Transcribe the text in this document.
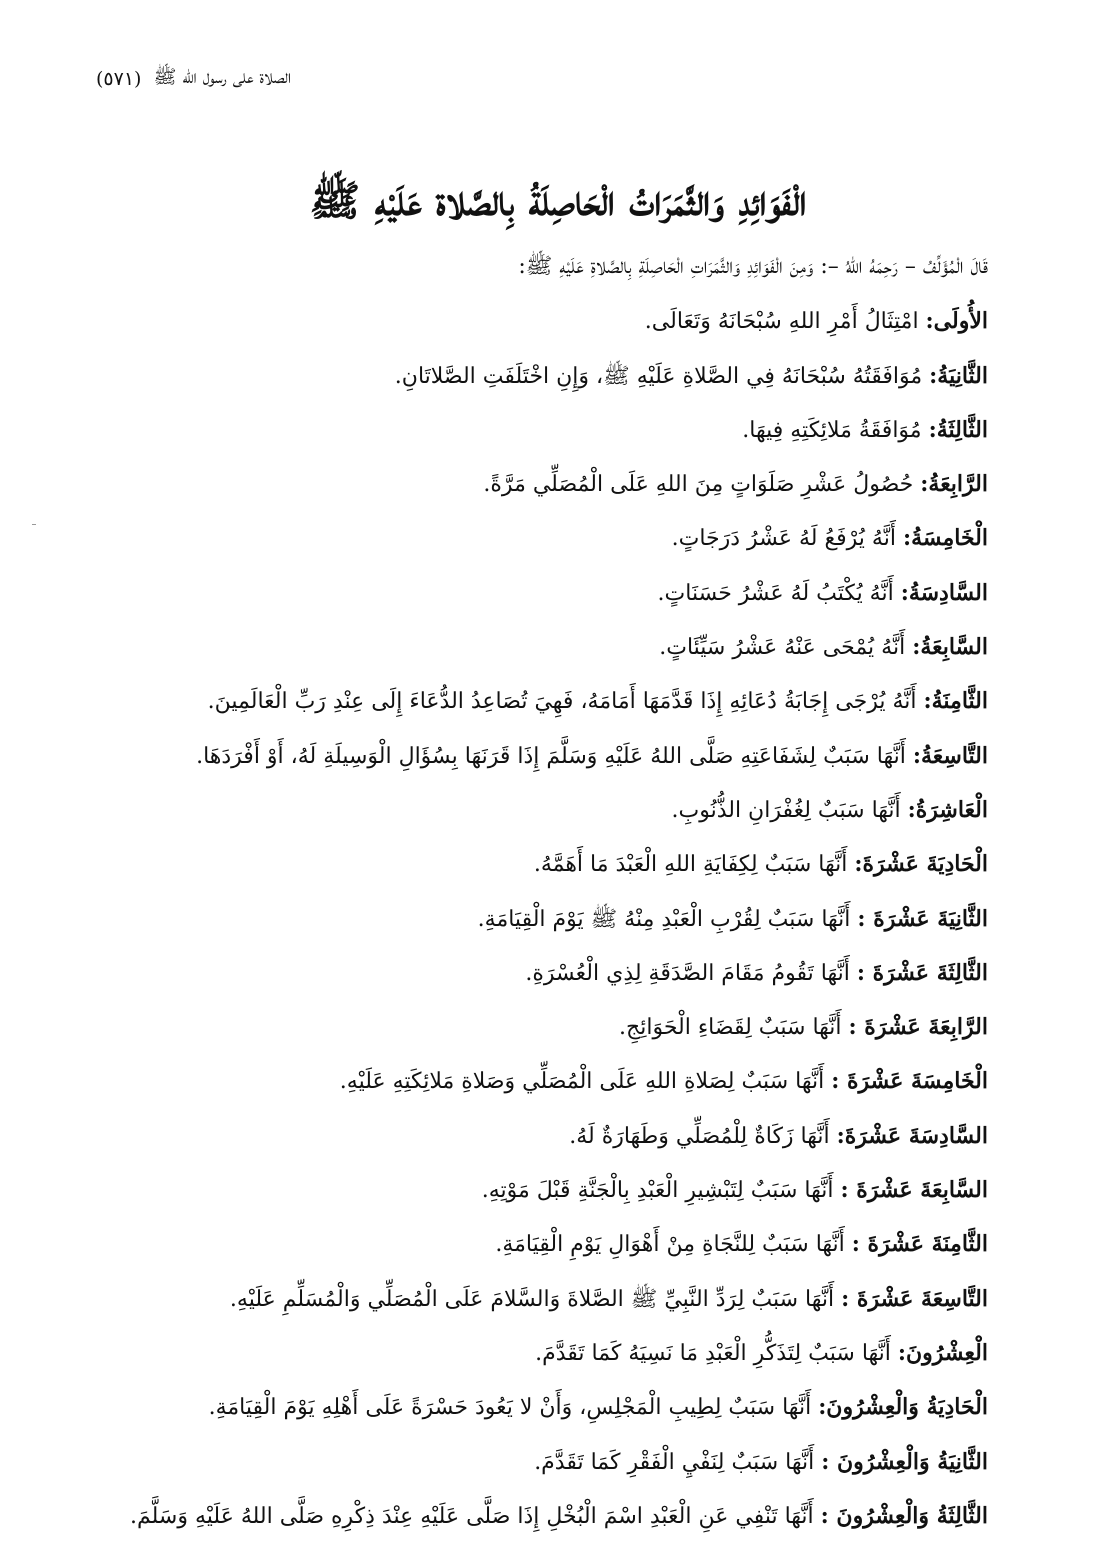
الصلاة على رسول الله ﷺ
(٥٧١)
الْفَوَائِدِ وَالثَّمَرَاتُ الْحَاصِلَةُ بِالصَّلاة عَلَيْهِ ﷺ

قَالَ الْمُؤَلِّفُ – رَحِمَهُ اللهُ –: وَمِنَ الْفَوَائِدِ وَالثَّمَرَاتِ الْحَاصِلَةِ بِالصَّلاةِ عَلَيْهِ ﷺ:

الأُولَى: امْتِثَالُ أَمْرِ اللهِ سُبْحَانَهُ وَتَعَالَى.

الثَّانِيَةُ: مُوَافَقَتُهُ سُبْحَانَهُ فِي الصَّلاةِ عَلَيْهِ ﷺ، وَإِنِ اخْتَلَفَتِ الصَّلاتَانِ.

الثَّالِثَةُ: مُوَافَقَةُ مَلائِكَتِهِ فِيهَا.

الرَّابِعَةُ: حُصُولُ عَشْرِ صَلَوَاتٍ مِنَ اللهِ عَلَى الْمُصَلِّي مَرَّةً.

الْخَامِسَةُ: أَنَّهُ يُرْفَعُ لَهُ عَشْرُ دَرَجَاتٍ.

السَّادِسَةُ: أَنَّهُ يُكْتَبُ لَهُ عَشْرُ حَسَنَاتٍ.

السَّابِعَةُ: أَنَّهُ يُمْحَى عَنْهُ عَشْرُ سَيِّئَاتٍ.

الثَّامِنَةُ: أَنَّهُ يُرْجَى إِجَابَةُ دُعَائِهِ إِذَا قَدَّمَهَا أَمَامَهُ، فَهِيَ تُصَاعِدُ الدُّعَاءَ إِلَى عِنْدِ رَبِّ الْعَالَمِينَ.

التَّاسِعَةُ: أَنَّهَا سَبَبٌ لِشَفَاعَتِهِ صَلَّى اللهُ عَلَيْهِ وَسَلَّمَ إِذَا قَرَنَهَا بِسُؤَالِ الْوَسِيلَةِ لَهُ، أَوْ أَفْرَدَهَا.

الْعَاشِرَةُ: أَنَّهَا سَبَبٌ لِغُفْرَانِ الذُّنُوبِ.

الْحَادِيَةَ عَشْرَةَ: أَنَّهَا سَبَبٌ لِكِفَايَةِ اللهِ الْعَبْدَ مَا أَهَمَّهُ.

الثَّانِيَةَ عَشْرَةَ : أَنَّهَا سَبَبٌ لِقُرْبِ الْعَبْدِ مِنْهُ ﷺ يَوْمَ الْقِيَامَةِ.

الثَّالِثَةَ عَشْرَةَ : أَنَّهَا تَقُومُ مَقَامَ الصَّدَقَةِ لِذِي الْعُسْرَةِ.

الرَّابِعَةَ عَشْرَةَ : أَنَّهَا سَبَبٌ لِقَضَاءِ الْحَوَائِجِ.

الْخَامِسَةَ عَشْرَةَ : أَنَّهَا سَبَبٌ لِصَلاةِ اللهِ عَلَى الْمُصَلِّي وَصَلاةِ مَلائِكَتِهِ عَلَيْهِ.

السَّادِسَةَ عَشْرَةَ: أَنَّهَا زَكَاةٌ لِلْمُصَلِّي وَطَهَارَةٌ لَهُ.

السَّابِعَةَ عَشْرَةَ : أَنَّهَا سَبَبٌ لِتَبْشِيرِ الْعَبْدِ بِالْجَنَّةِ قَبْلَ مَوْتِهِ.

الثَّامِنَةَ عَشْرَةَ : أَنَّهَا سَبَبٌ لِلنَّجَاةِ مِنْ أَهْوَالِ يَوْمِ الْقِيَامَةِ.

التَّاسِعَةَ عَشْرَةَ : أَنَّهَا سَبَبٌ لِرَدِّ النَّبِيِّ ﷺ الصَّلاةَ وَالسَّلامَ عَلَى الْمُصَلِّي وَالْمُسَلِّمِ عَلَيْهِ.

الْعِشْرُونَ: أَنَّهَا سَبَبٌ لِتَذَكُّرِ الْعَبْدِ مَا نَسِيَهُ كَمَا تَقَدَّمَ.

الْحَادِيَةُ وَالْعِشْرُونَ: أَنَّهَا سَبَبٌ لِطِيبِ الْمَجْلِسِ، وَأَنْ لا يَعُودَ حَسْرَةً عَلَى أَهْلِهِ يَوْمَ الْقِيَامَةِ.

الثَّانِيَةُ وَالْعِشْرُونَ : أَنَّهَا سَبَبٌ لِنَفْيِ الْفَقْرِ كَمَا تَقَدَّمَ.

الثَّالِثَةُ وَالْعِشْرُونَ : أَنَّهَا تَنْفِي عَنِ الْعَبْدِ اسْمَ الْبُخْلِ إِذَا صَلَّى عَلَيْهِ عِنْدَ ذِكْرِهِ صَلَّى اللهُ عَلَيْهِ وَسَلَّمَ.
